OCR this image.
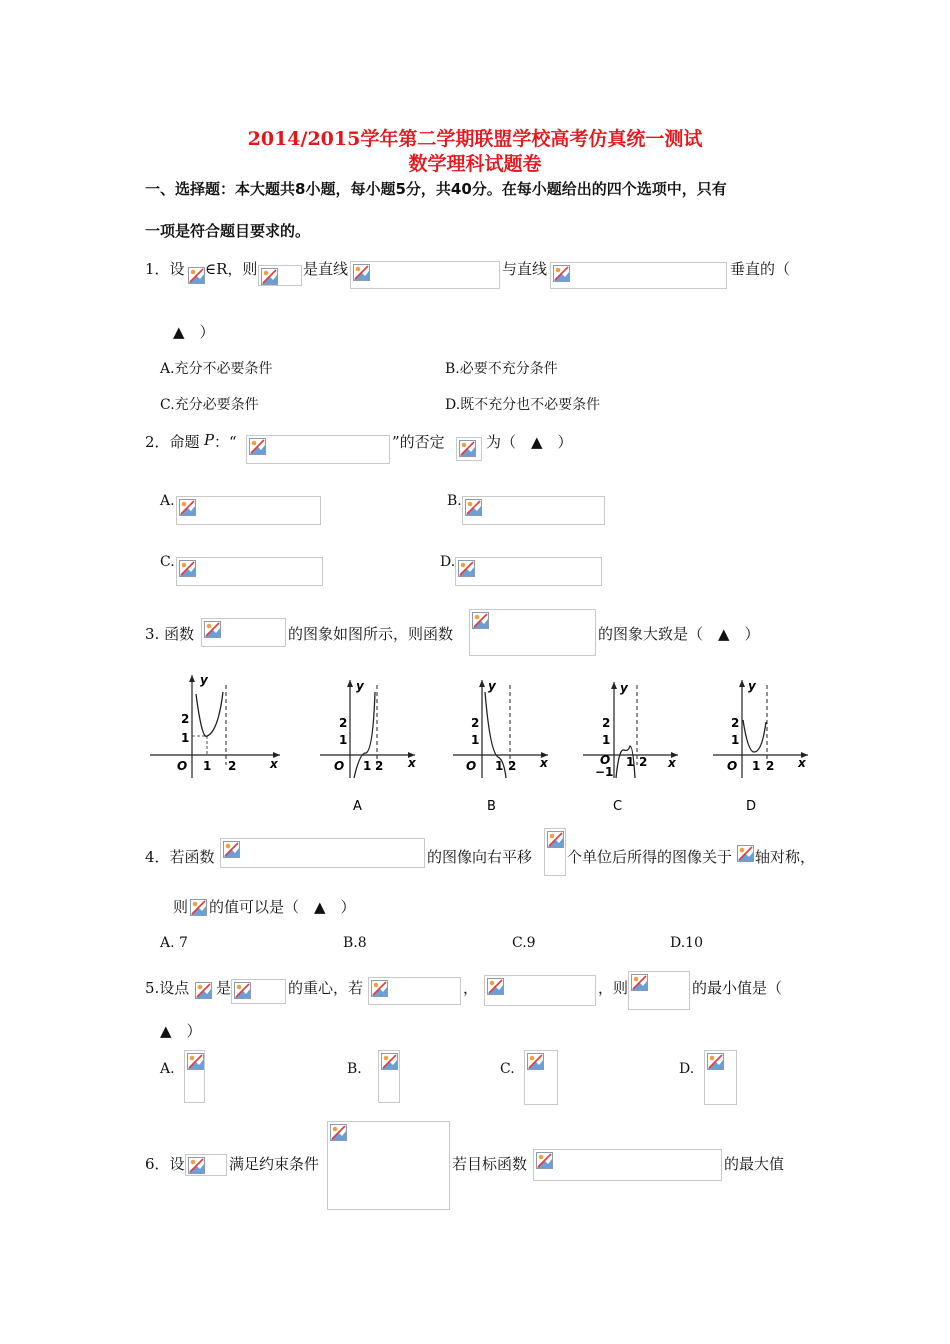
2014/2015学年第二学期联盟学校高考仿真统一测试
数学理科试题卷
一、选择题：本大题共8小题，每小题5分，共40分。在每小题给出的四个选项中，只有
一项是符合题目要求的。
1．设 ∈R，则	是直线	与直线	垂直的（
▲　）
A.充分不必要条件	B.必要不充分条件
C.充分必要条件	D.既不充分也不必要条件
2．命题 P ：“	”的否定	为（　▲　）
A.	B.
C.	D.
3. 函数	的图象如图所示，则函数	的图象大致是（　▲　）
y
x
O
2
1
1 2
y
x
O
2
1
1 2
y
x
O
2
1
1 2
y
x
O
2
1
−1
1 2
y
x
O
2
1
1 2
A	B	C	D
4．若函数	的图像向右平移 个单位后所得的图像关于 轴对称，
则 的值可以是（　▲　）
A. 7	B.8	C.9	D.10
5.设点 是	的重心，若	，	，则	的最小值是（
▲　）
A.	B.	C.	D.
6．设	满足约束条件	若目标函数	的最大值
